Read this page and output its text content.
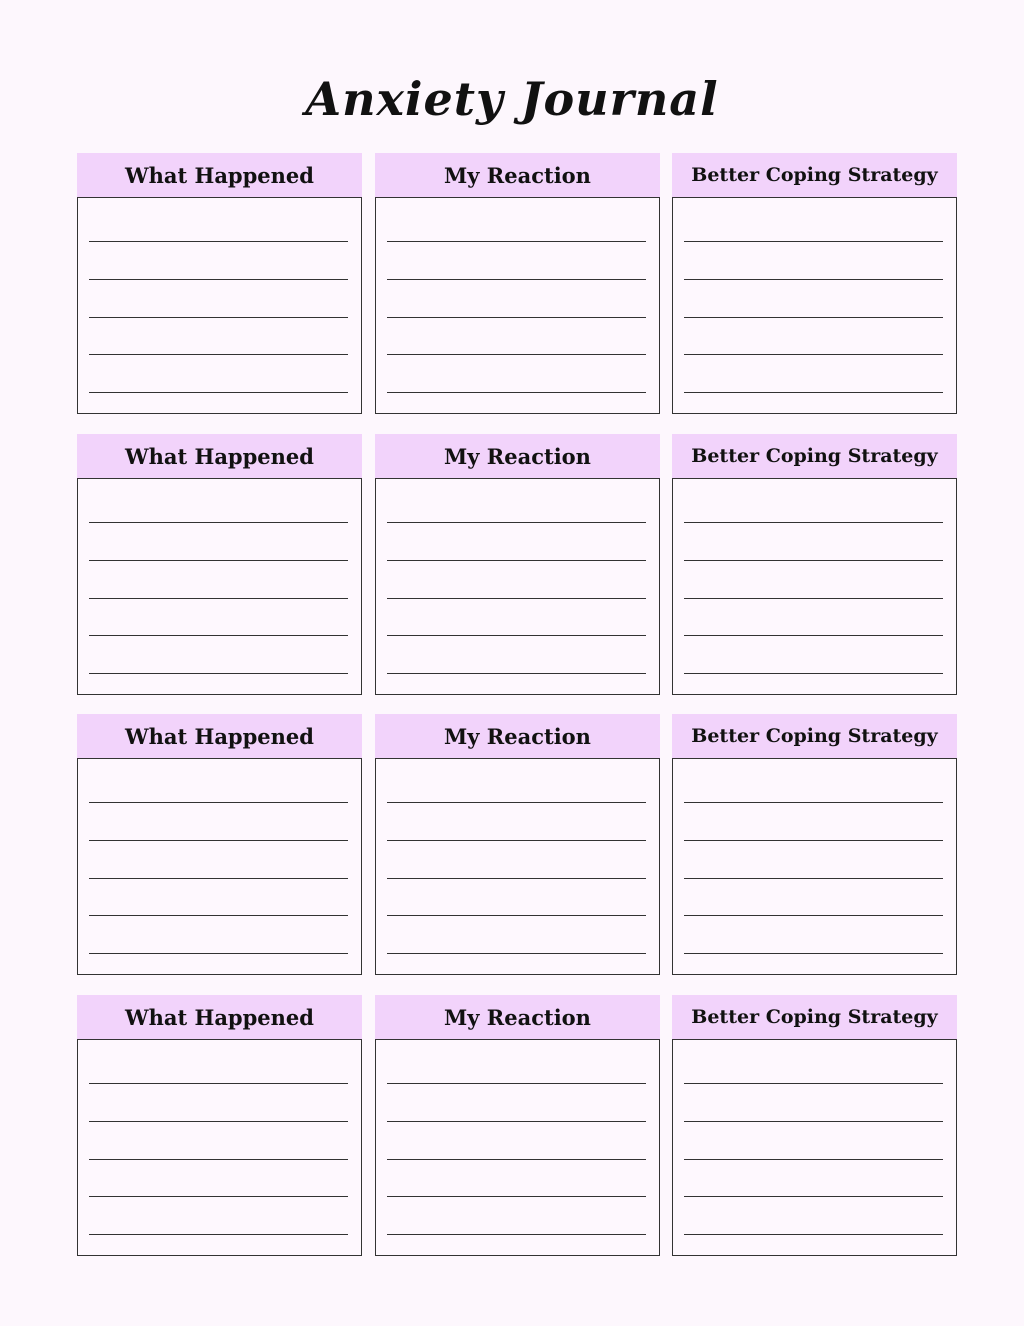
Anxiety Journal
What Happened	My Reaction	Better Coping Strategy
What Happened	My Reaction	Better Coping Strategy
What Happened	My Reaction	Better Coping Strategy
What Happened	My Reaction	Better Coping Strategy
